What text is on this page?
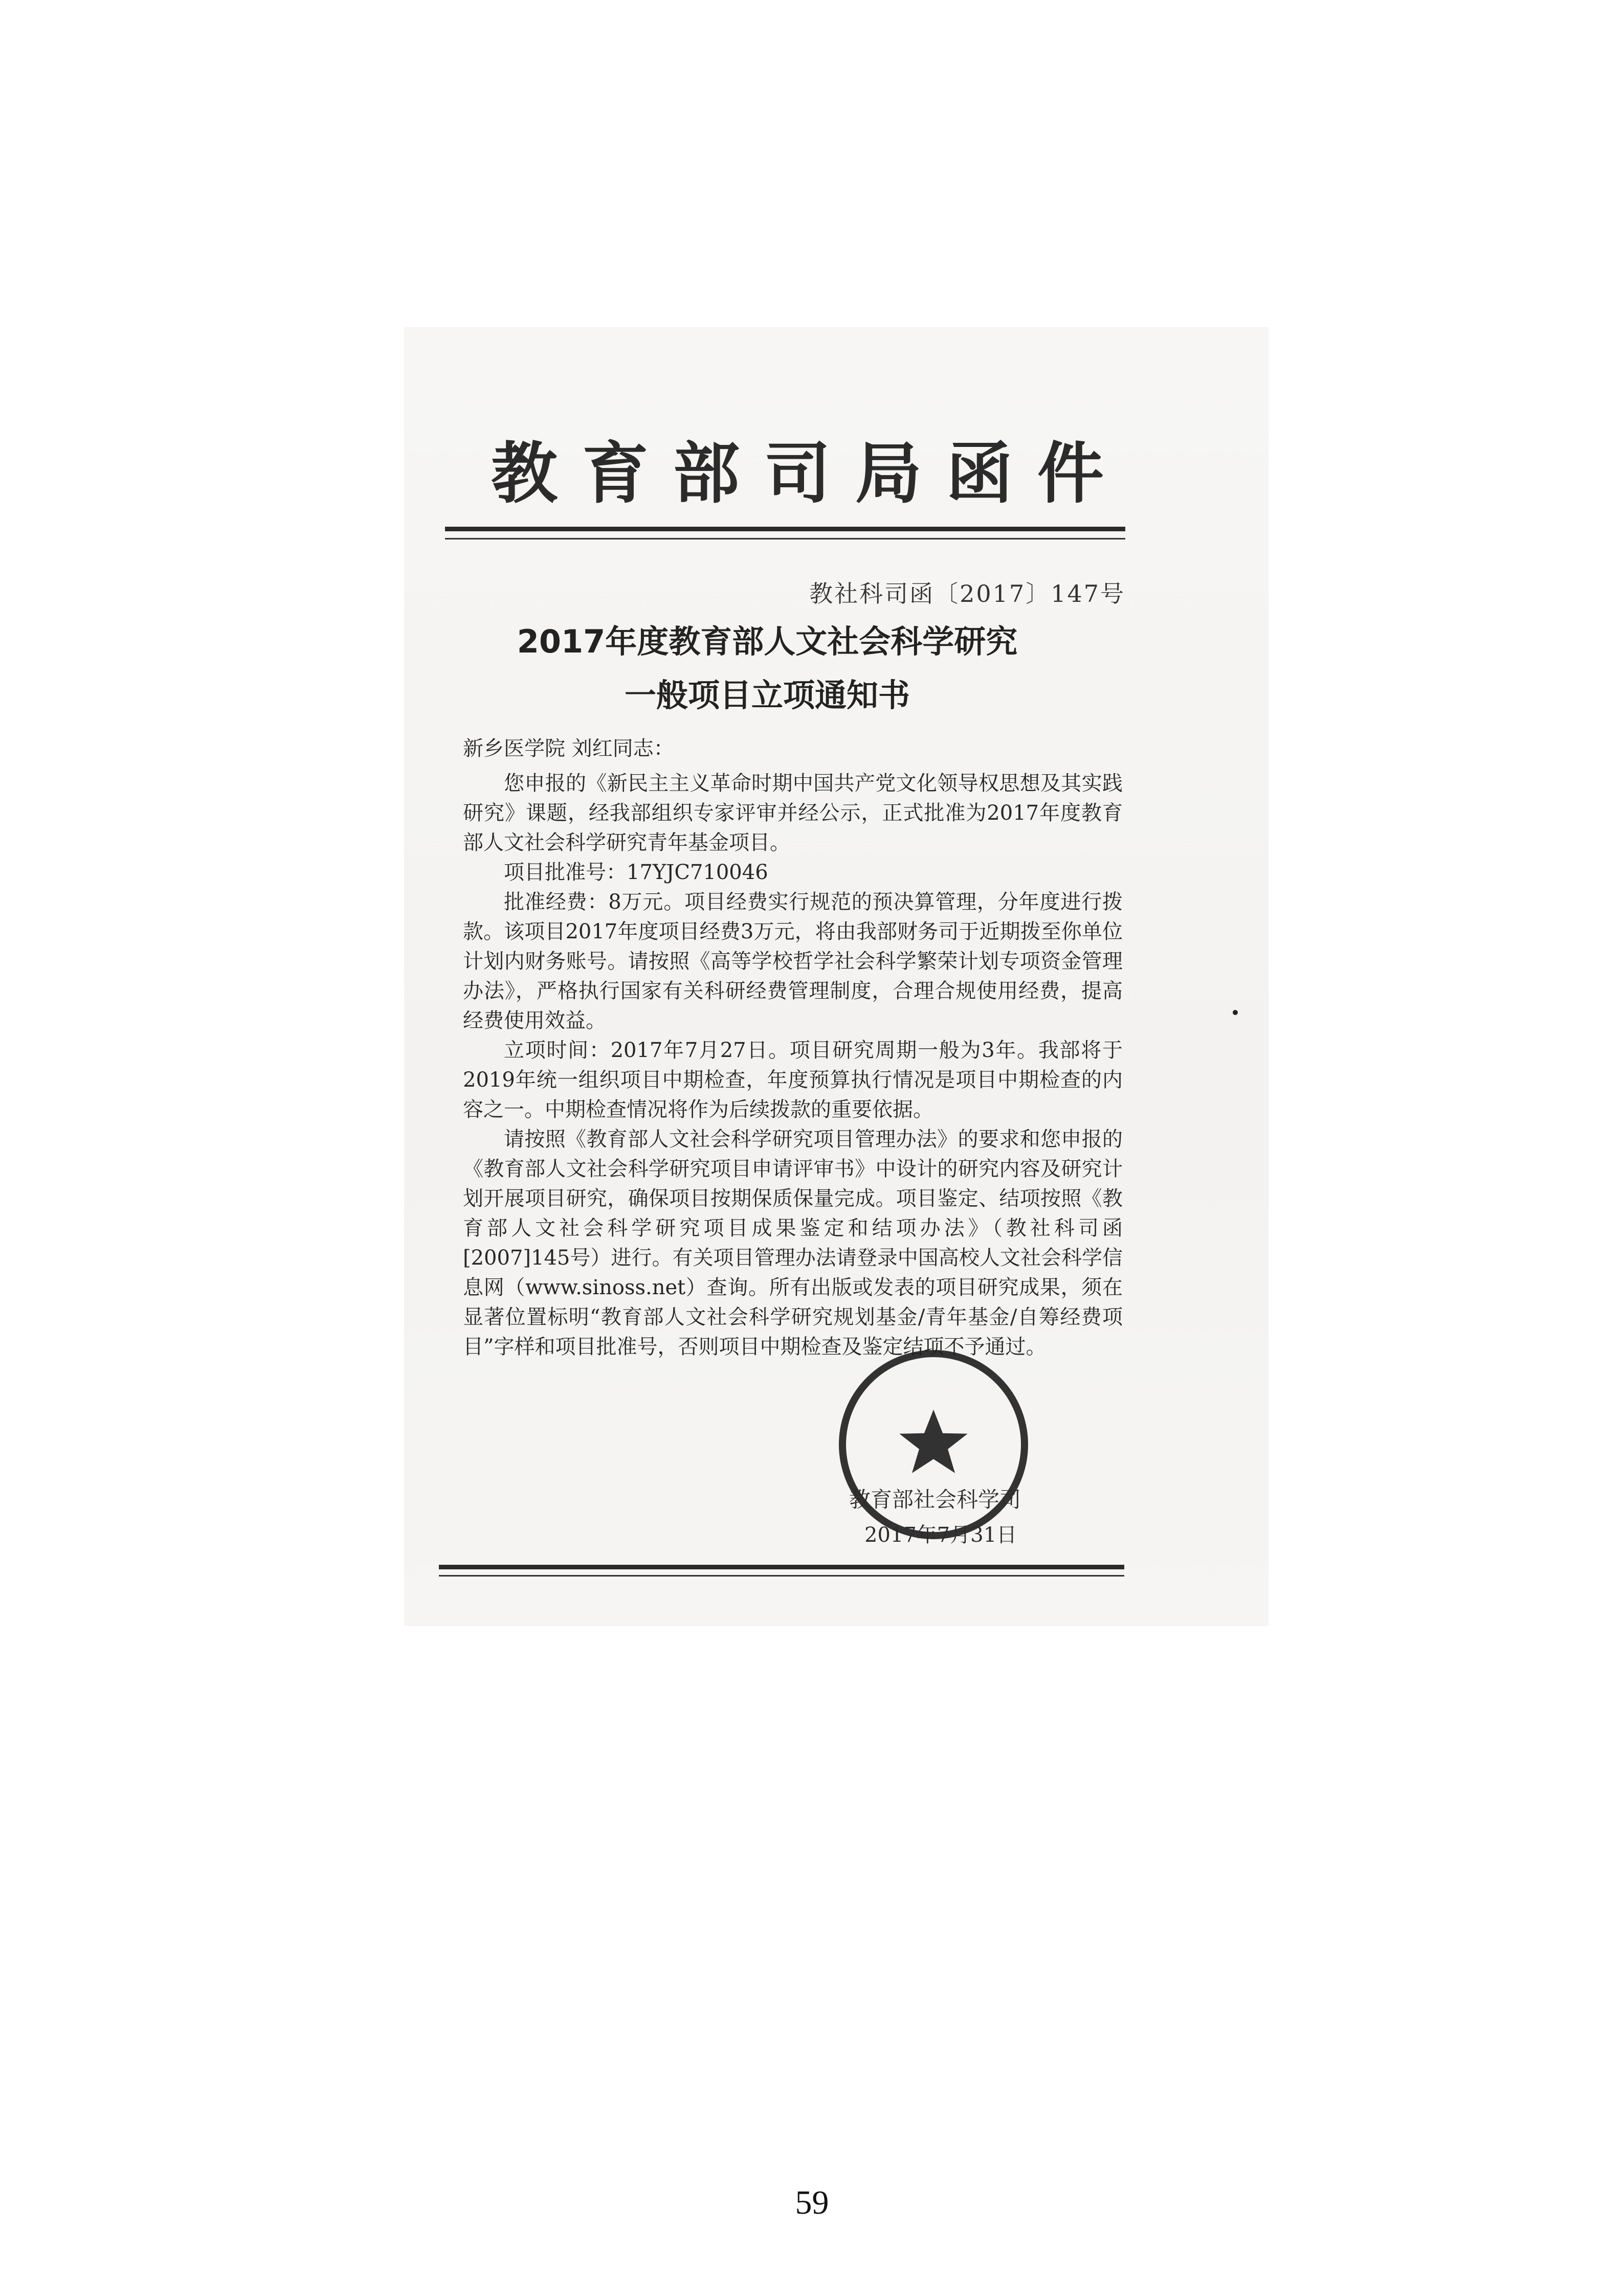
教 育 部 司 局 函 件
教社科司函〔2017〕147号
2017年度教育部人文社会科学研究
一般项目立项通知书

新乡医学院 刘红同志：

您申报的《新民主主义革命时期中国共产党文化领导权思想及其实践研究》课题，经我部组织专家评审并经公示，正式批准为2017年度教育部人文社会科学研究青年基金项目。

项目批准号：17YJC710046

批准经费：8万元。项目经费实行规范的预决算管理，分年度进行拨款。该项目2017年度项目经费3万元，将由我部财务司于近期拨至你单位计划内财务账号。请按照《高等学校哲学社会科学繁荣计划专项资金管理办法》，严格执行国家有关科研经费管理制度，合理合规使用经费，提高经费使用效益。

立项时间：2017年7月27日。项目研究周期一般为3年。我部将于2019年统一组织项目中期检查，年度预算执行情况是项目中期检查的内容之一。中期检查情况将作为后续拨款的重要依据。

请按照《教育部人文社会科学研究项目管理办法》的要求和您申报的《教育部人文社会科学研究项目申请评审书》中设计的研究内容及研究计划开展项目研究，确保项目按期保质保量完成。项目鉴定、结项按照《教育部人文社会科学研究项目成果鉴定和结项办法》（教社科司函[2007]145号）进行。有关项目管理办法请登录中国高校人文社会科学信息网（www.sinoss.net）查询。所有出版或发表的项目研究成果，须在显著位置标明“教育部人文社会科学研究规划基金/青年基金/自筹经费项目”字样和项目批准号，否则项目中期检查及鉴定结项不予通过。

教育部社会科学司
2017年7月31日
59
